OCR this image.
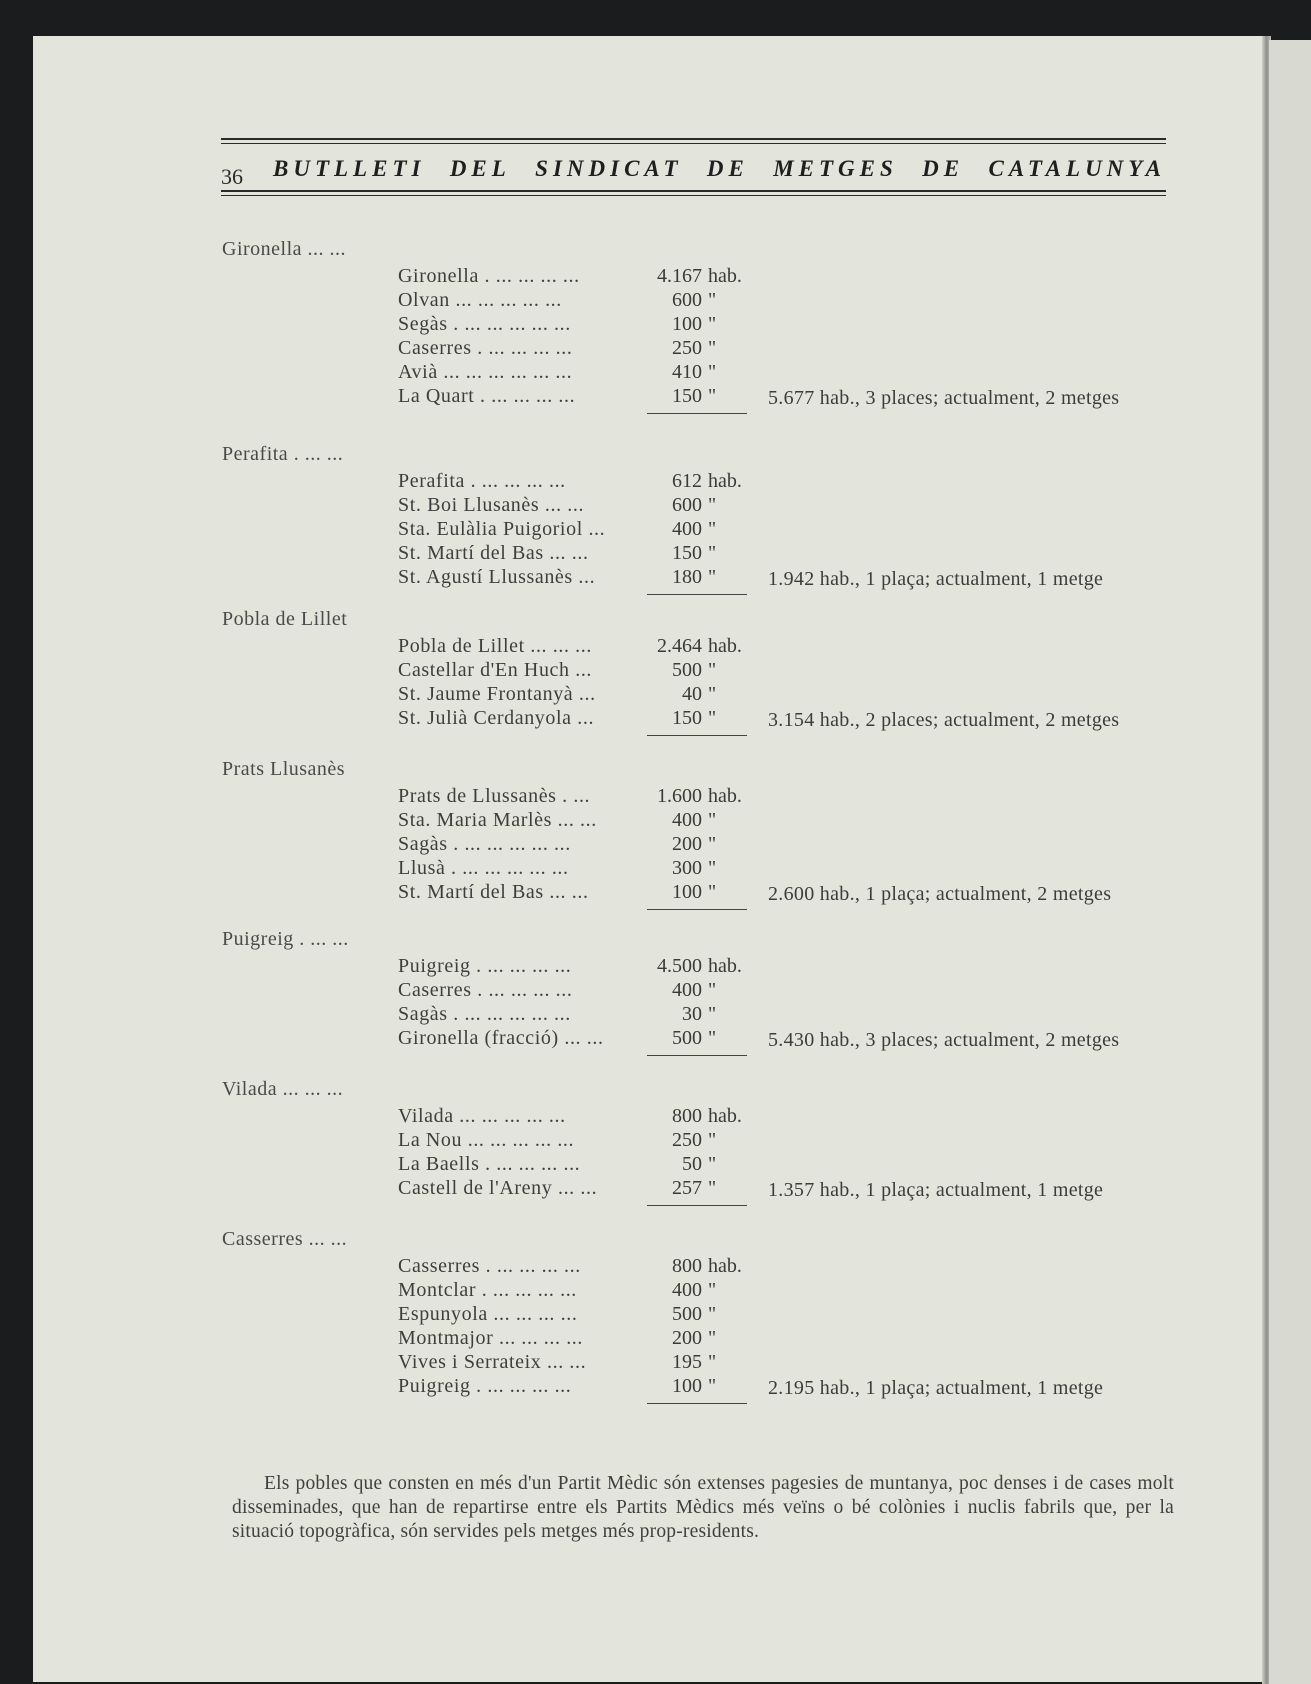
36 BUTLLETI DEL SINDICAT DE METGES DE CATALUNYA
Gironella ... ...
Gironella . ... ... ... ...	4.167 hab.
Olvan ... ... ... ... ...	600 "
Segàs . ... ... ... ... ...	100 "
Caserres . ... ... ... ...	250 "
Avià ... ... ... ... ... ...	410 "
La Quart . ... ... ... ...	150 "	5.677 hab., 3 places; actualment, 2 metges
Perafita . ... ...
Perafita . ... ... ... ...	612 hab.
St. Boi Llusanès ... ...	600 "
Sta. Eulàlia Puigoriol ...	400 "
St. Martí del Bas ... ...	150 "
St. Agustí Llussanès ...	180 "	1.942 hab., 1 plaça; actualment, 1 metge
Pobla de Lillet
Pobla de Lillet ... ... ...	2.464 hab.
Castellar d'En Huch ...	500 "
St. Jaume Frontanyà ...	40 "
St. Julià Cerdanyola ...	150 "	3.154 hab., 2 places; actualment, 2 metges
Prats Llusanès
Prats de Llussanès . ...	1.600 hab.
Sta. Maria Marlès ... ...	400 "
Sagàs . ... ... ... ... ...	200 "
Llusà . ... ... ... ... ...	300 "
St. Martí del Bas ... ...	100 "	2.600 hab., 1 plaça; actualment, 2 metges
Puigreig . ... ...
Puigreig . ... ... ... ...	4.500 hab.
Caserres . ... ... ... ...	400 "
Sagàs . ... ... ... ... ...	30 "
Gironella (fracció) ... ...	500 "	5.430 hab., 3 places; actualment, 2 metges
Vilada ... ... ...
Vilada ... ... ... ... ...	800 hab.
La Nou ... ... ... ... ...	250 "
La Baells . ... ... ... ...	50 "
Castell de l'Areny ... ...	257 "	1.357 hab., 1 plaça; actualment, 1 metge
Casserres ... ...
Casserres . ... ... ... ...	800 hab.
Montclar . ... ... ... ...	400 "
Espunyola ... ... ... ...	500 "
Montmajor ... ... ... ...	200 "
Vives i Serrateix ... ...	195 "
Puigreig . ... ... ... ...	100 "	2.195 hab., 1 plaça; actualment, 1 metge

Els pobles que consten en més d'un Partit Mèdic són extenses pagesies de muntanya, poc denses i de cases molt disseminades, que han de repartirse entre els Partits Mèdics més veïns o bé colònies i nuclis fabrils que, per la situació topogràfica, són servides pels metges més prop-residents.
